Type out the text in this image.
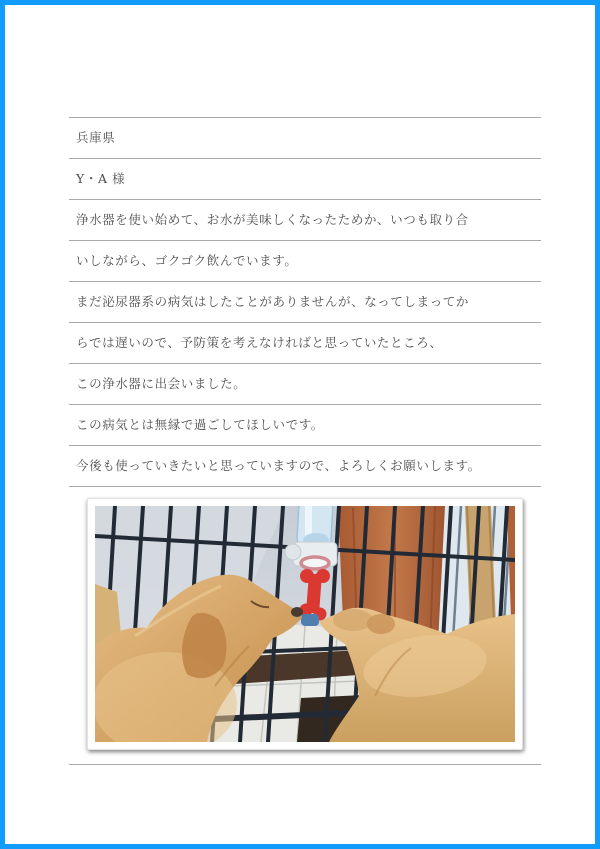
兵庫県
Y・A 様
浄水器を使い始めて、お水が美味しくなったためか、いつも取り合
いしながら、ゴクゴク飲んでいます。
まだ泌尿器系の病気はしたことがありませんが、なってしまってか
らでは遅いので、予防策を考えなければと思っていたところ、
この浄水器に出会いました。
この病気とは無縁で過ごしてほしいです。
今後も使っていきたいと思っていますので、よろしくお願いします。
